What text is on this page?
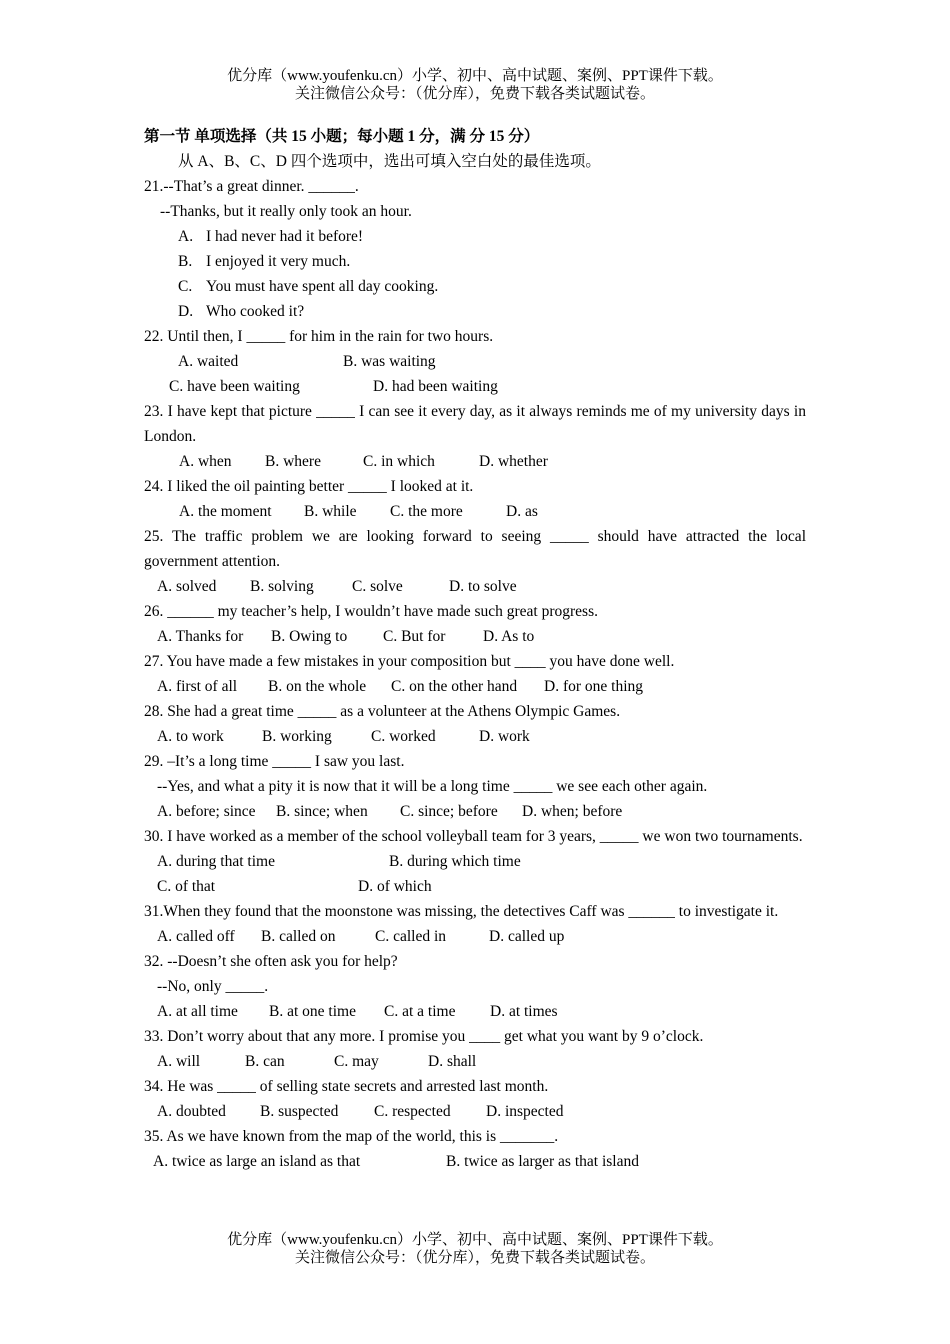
优分库（www.youfenku.cn）小学、初中、高中试题、案例、PPT课件下载。
关注微信公众号：（优分库），免费下载各类试题试卷。
第一节 单项选择（共 15 小题；每小题 1 分，满 分 15 分）
从 A、B、C、D 四个选项中，选出可填入空白处的最佳选项。
21.--That’s a great dinner. ______.
--Thanks, but it really only took an hour.
A. I had never had it before!
B. I enjoyed it very much.
C. You must have spent all day cooking.
D. Who cooked it?
22. Until then, I _____ for him in the rain for two hours.
A. waited	B. was waiting
C. have been waiting	D. had been waiting
23. I have kept that picture _____ I can see it every day, as it always reminds me of my university days in London.
A. when B. where	C. in which	D. whether
24. I liked the oil painting better _____ I looked at it.
A. the moment B. while C. the more	D. as
25. The traffic problem we are looking forward to seeing _____ should have attracted the local government attention.
A. solved B. solving C. solve	D. to solve
26. ______ my teacher’s help, I wouldn’t have made such great progress.
A. Thanks for B. Owing to C. But for D. As to
27. You have made a few mistakes in your composition but ____ you have done well.
A. first of all B. on the whole C. on the other hand D. for one thing
28. She had a great time _____ as a volunteer at the Athens Olympic Games.
A. to work B. working	C. worked	D. work
29. –It’s a long time _____ I saw you last.
--Yes, and what a pity it is now that it will be a long time _____ we see each other again.
A. before; since B. since; when C. since; before D. when; before
30. I have worked as a member of the school volleyball team for 3 years, _____ we won two tournaments.
A. during that time	B. during which time
C. of that	D. of which
31.When they found that the moonstone was missing, the detectives Caff was ______ to investigate it.
A. called off B. called on	C. called in	D. called up
32. --Doesn’t she often ask you for help?
--No, only _____.
A. at all time B. at one time C. at a time D. at times
33. Don’t worry about that any more. I promise you ____ get what you want by 9 o’clock.
A. will	B. can	C. may	D. shall
34. He was _____ of selling state secrets and arrested last month.
A. doubted B. suspected C. respected D. inspected
35. As we have known from the map of the world, this is _______.
A. twice as large an island as that	B. twice as larger as that island
优分库（www.youfenku.cn）小学、初中、高中试题、案例、PPT课件下载。
关注微信公众号：（优分库），免费下载各类试题试卷。
